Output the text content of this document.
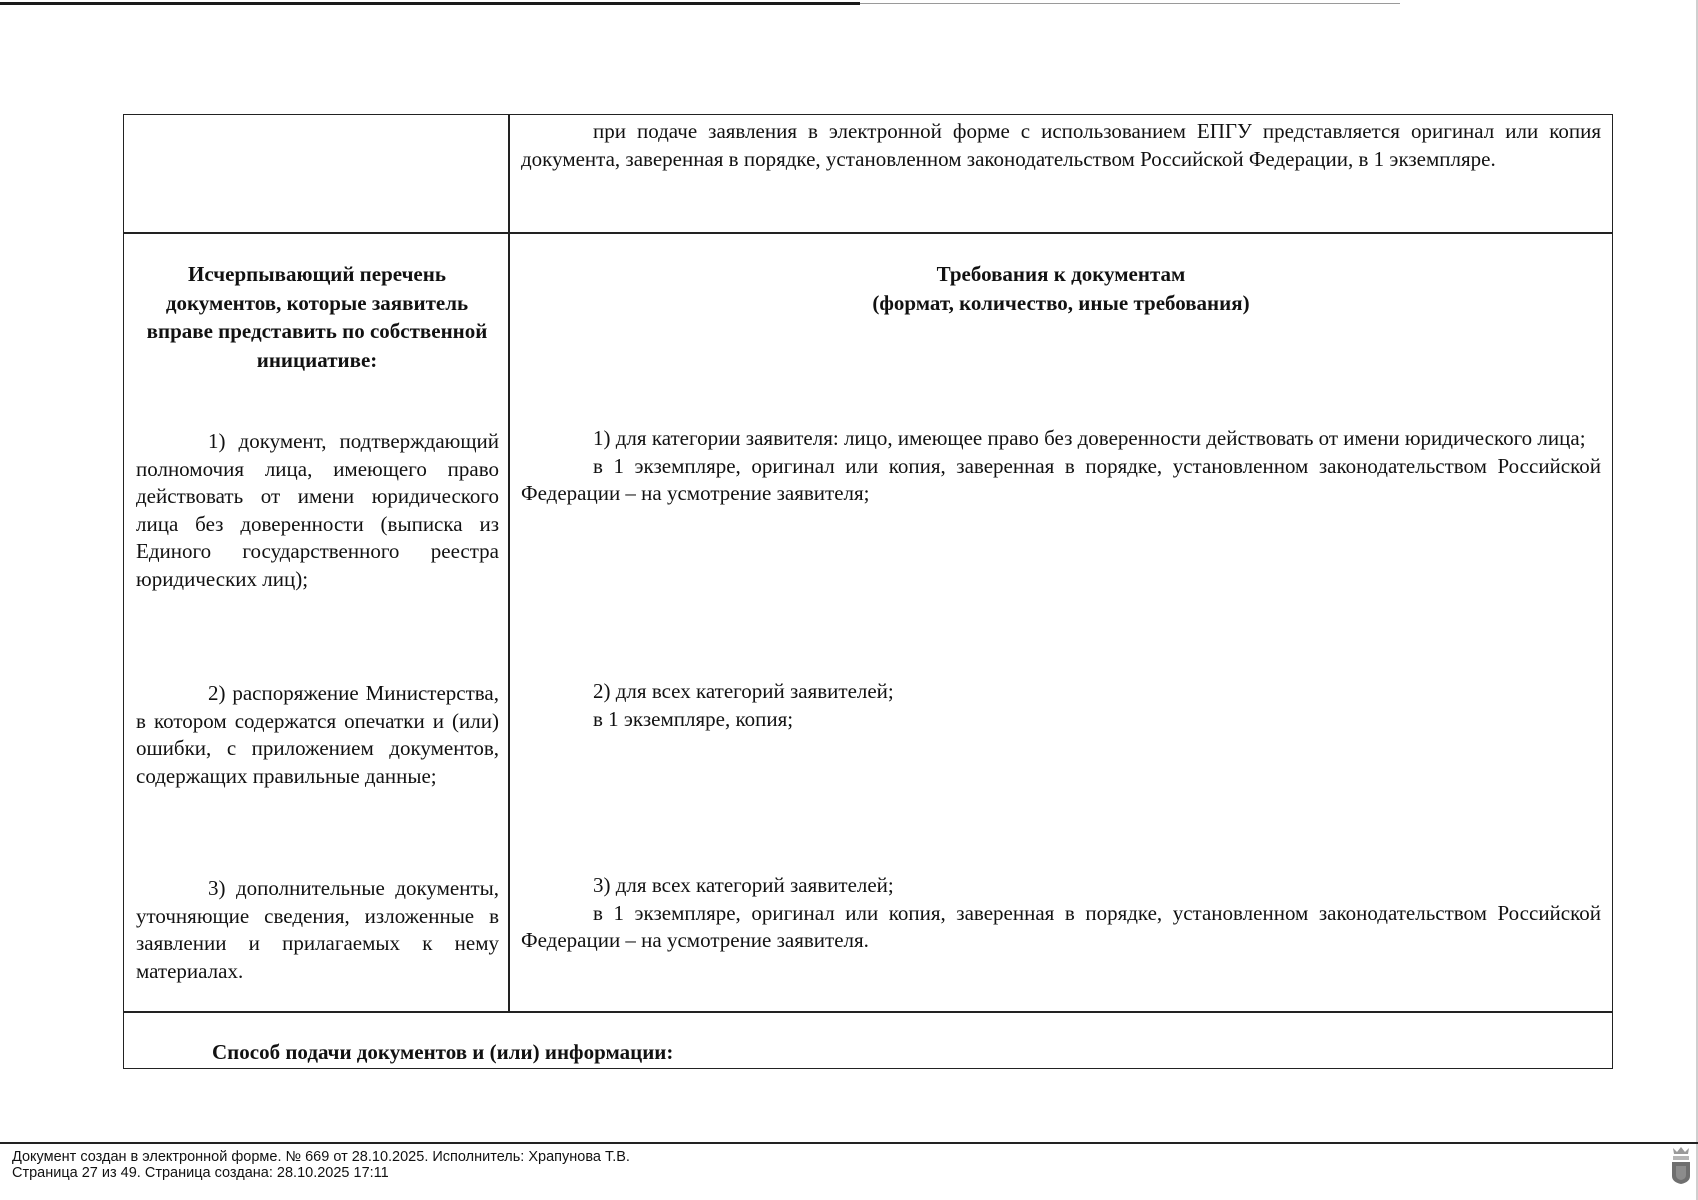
при подаче заявления в электронной форме с использованием ЕПГУ представляется оригинал или копия документа, заверенная в порядке, установленном законодательством Российской Федерации, в 1 экземпляре.

Исчерпывающий перечень документов, которые заявитель вправе представить по собственной инициативе:
Требования к документам
(формат, количество, иные требования)

1) документ, подтверждающий полномочия лица, имеющего право действовать от имени юридического лица без доверенности (выписка из Единого государственного реестра юридических лиц);

1) для категории заявителя: лицо, имеющее право без доверенности действовать от имени юридического лица;

в 1 экземпляре, оригинал или копия, заверенная в порядке, установленном законодательством Российской Федерации – на усмотрение заявителя;

2) распоряжение Министерства, в котором содержатся опечатки и (или) ошибки, с приложением документов, содержащих правильные данные;

2) для всех категорий заявителей;

в 1 экземпляре, копия;

3) дополнительные документы, уточняющие сведения, изложенные в заявлении и прилагаемых к нему материалах.

3) для всех категорий заявителей;

в 1 экземпляре, оригинал или копия, заверенная в порядке, установленном законодательством Российской Федерации – на усмотрение заявителя.

Способ подачи документов и (или) информации:
Документ создан в электронной форме. № 669 от 28.10.2025. Исполнитель: Храпунова Т.В.
Страница 27 из 49. Страница создана: 28.10.2025 17:11
